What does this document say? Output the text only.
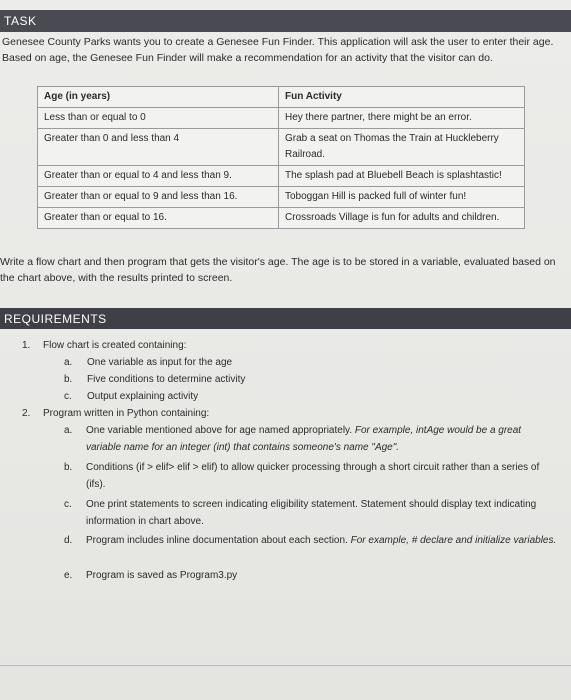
TASK
Genesee County Parks wants you to create a Genesee Fun Finder. This application will ask the user to enter their age. Based on age, the Genesee Fun Finder will make a recommendation for an activity that the visitor can do.
Age (in years)	Fun Activity
Less than or equal to 0	Hey there partner, there might be an error.
Greater than 0 and less than 4	Grab a seat on Thomas the Train at Huckleberry Railroad.
Greater than or equal to 4 and less than 9.	The splash pad at Bluebell Beach is splashtastic!
Greater than or equal to 9 and less than 16.	Toboggan Hill is packed full of winter fun!
Greater than or equal to 16.	Crossroads Village is fun for adults and children.
Write a flow chart and then program that gets the visitor's age. The age is to be stored in a variable, evaluated based on the chart above, with the results printed to screen.
REQUIREMENTS
1. Flow chart is created containing:
a. One variable as input for the age
b. Five conditions to determine activity
c. Output explaining activity
2. Program written in Python containing:
a. One variable mentioned above for age named appropriately. For example, intAge would be a great variable name for an integer (int) that contains someone's name "Age".
b. Conditions (if > elif> elif > elif) to allow quicker processing through a short circuit rather than a series of (ifs).
c. One print statements to screen indicating eligibility statement. Statement should display text indicating information in chart above.
d. Program includes inline documentation about each section. For example, # declare and initialize variables.
e. Program is saved as Program3.py
